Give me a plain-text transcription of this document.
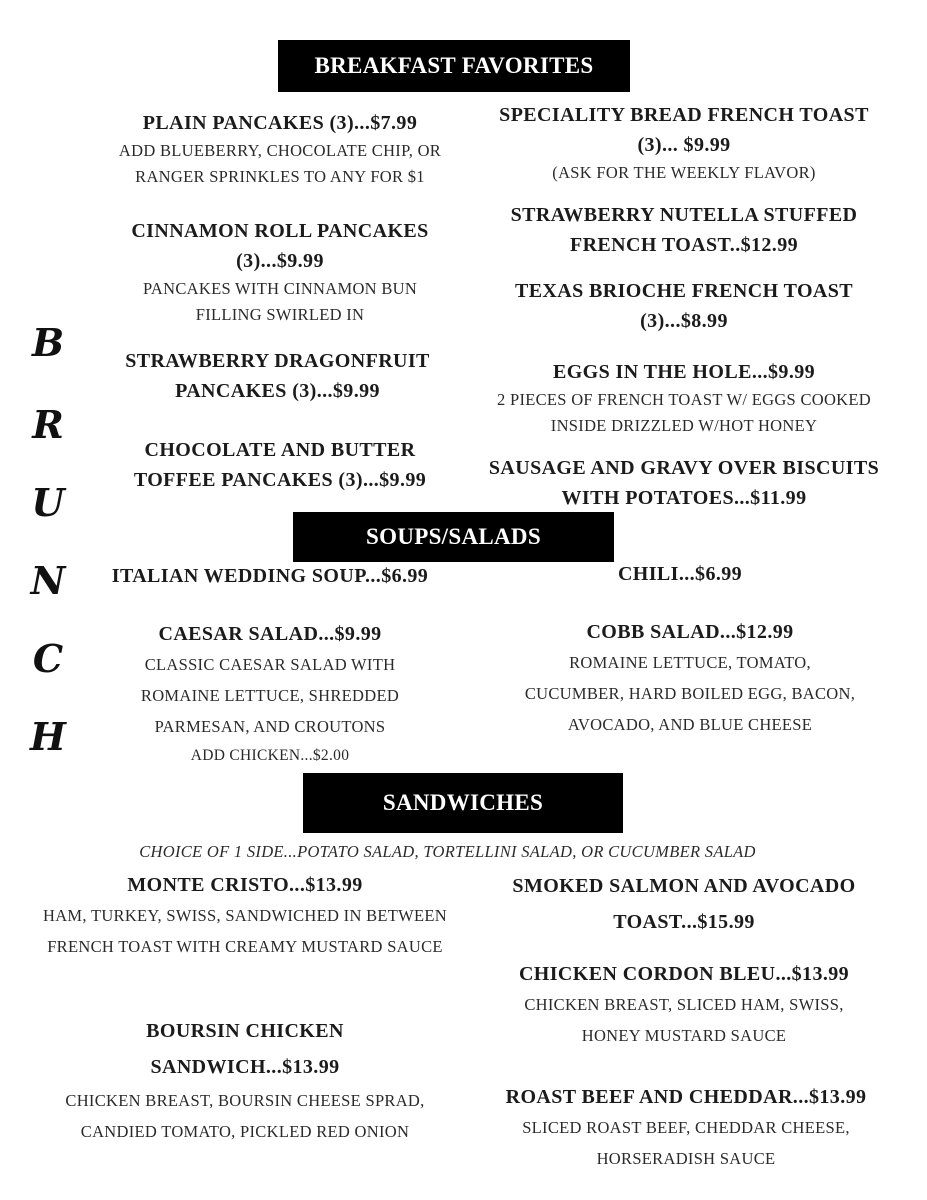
BREAKFAST FAVORITES
SOUPS/SALADS
SANDWICHES
B
R
U
N
C
H
PLAIN PANCAKES (3)...$7.99
ADD BLUEBERRY, CHOCOLATE CHIP, OR RANGER SPRINKLES TO ANY FOR $1
CINNAMON ROLL PANCAKES (3)...$9.99
PANCAKES WITH CINNAMON BUN FILLING SWIRLED IN
STRAWBERRY DRAGONFRUIT PANCAKES (3)...$9.99
CHOCOLATE AND BUTTER TOFFEE PANCAKES (3)...$9.99
SPECIALITY BREAD FRENCH TOAST (3)... $9.99
(ASK FOR THE WEEKLY FLAVOR)
STRAWBERRY NUTELLA STUFFED FRENCH TOAST..$12.99
TEXAS BRIOCHE FRENCH TOAST (3)...$8.99
EGGS IN THE HOLE...$9.99
2 PIECES OF FRENCH TOAST W/ EGGS COOKED INSIDE DRIZZLED W/HOT HONEY
SAUSAGE AND GRAVY OVER BISCUITS WITH POTATOES...$11.99
ITALIAN WEDDING SOUP...$6.99	CHILI...$6.99
CAESAR SALAD...$9.99
CLASSIC CAESAR SALAD WITH ROMAINE LETTUCE, SHREDDED PARMESAN, AND CROUTONS
ADD CHICKEN...$2.00
COBB SALAD...$12.99
ROMAINE LETTUCE, TOMATO, CUCUMBER, HARD BOILED EGG, BACON, AVOCADO, AND BLUE CHEESE
CHOICE OF 1 SIDE...POTATO SALAD, TORTELLINI SALAD, OR CUCUMBER SALAD
MONTE CRISTO...$13.99
HAM, TURKEY, SWISS, SANDWICHED IN BETWEEN FRENCH TOAST WITH CREAMY MUSTARD SAUCE
BOURSIN CHICKEN SANDWICH...$13.99
CHICKEN BREAST, BOURSIN CHEESE SPRAD, CANDIED TOMATO, PICKLED RED ONION
SMOKED SALMON AND AVOCADO TOAST...$15.99
CHICKEN CORDON BLEU...$13.99
CHICKEN BREAST, SLICED HAM, SWISS, HONEY MUSTARD SAUCE
ROAST BEEF AND CHEDDAR...$13.99
SLICED ROAST BEEF, CHEDDAR CHEESE, HORSERADISH SAUCE
